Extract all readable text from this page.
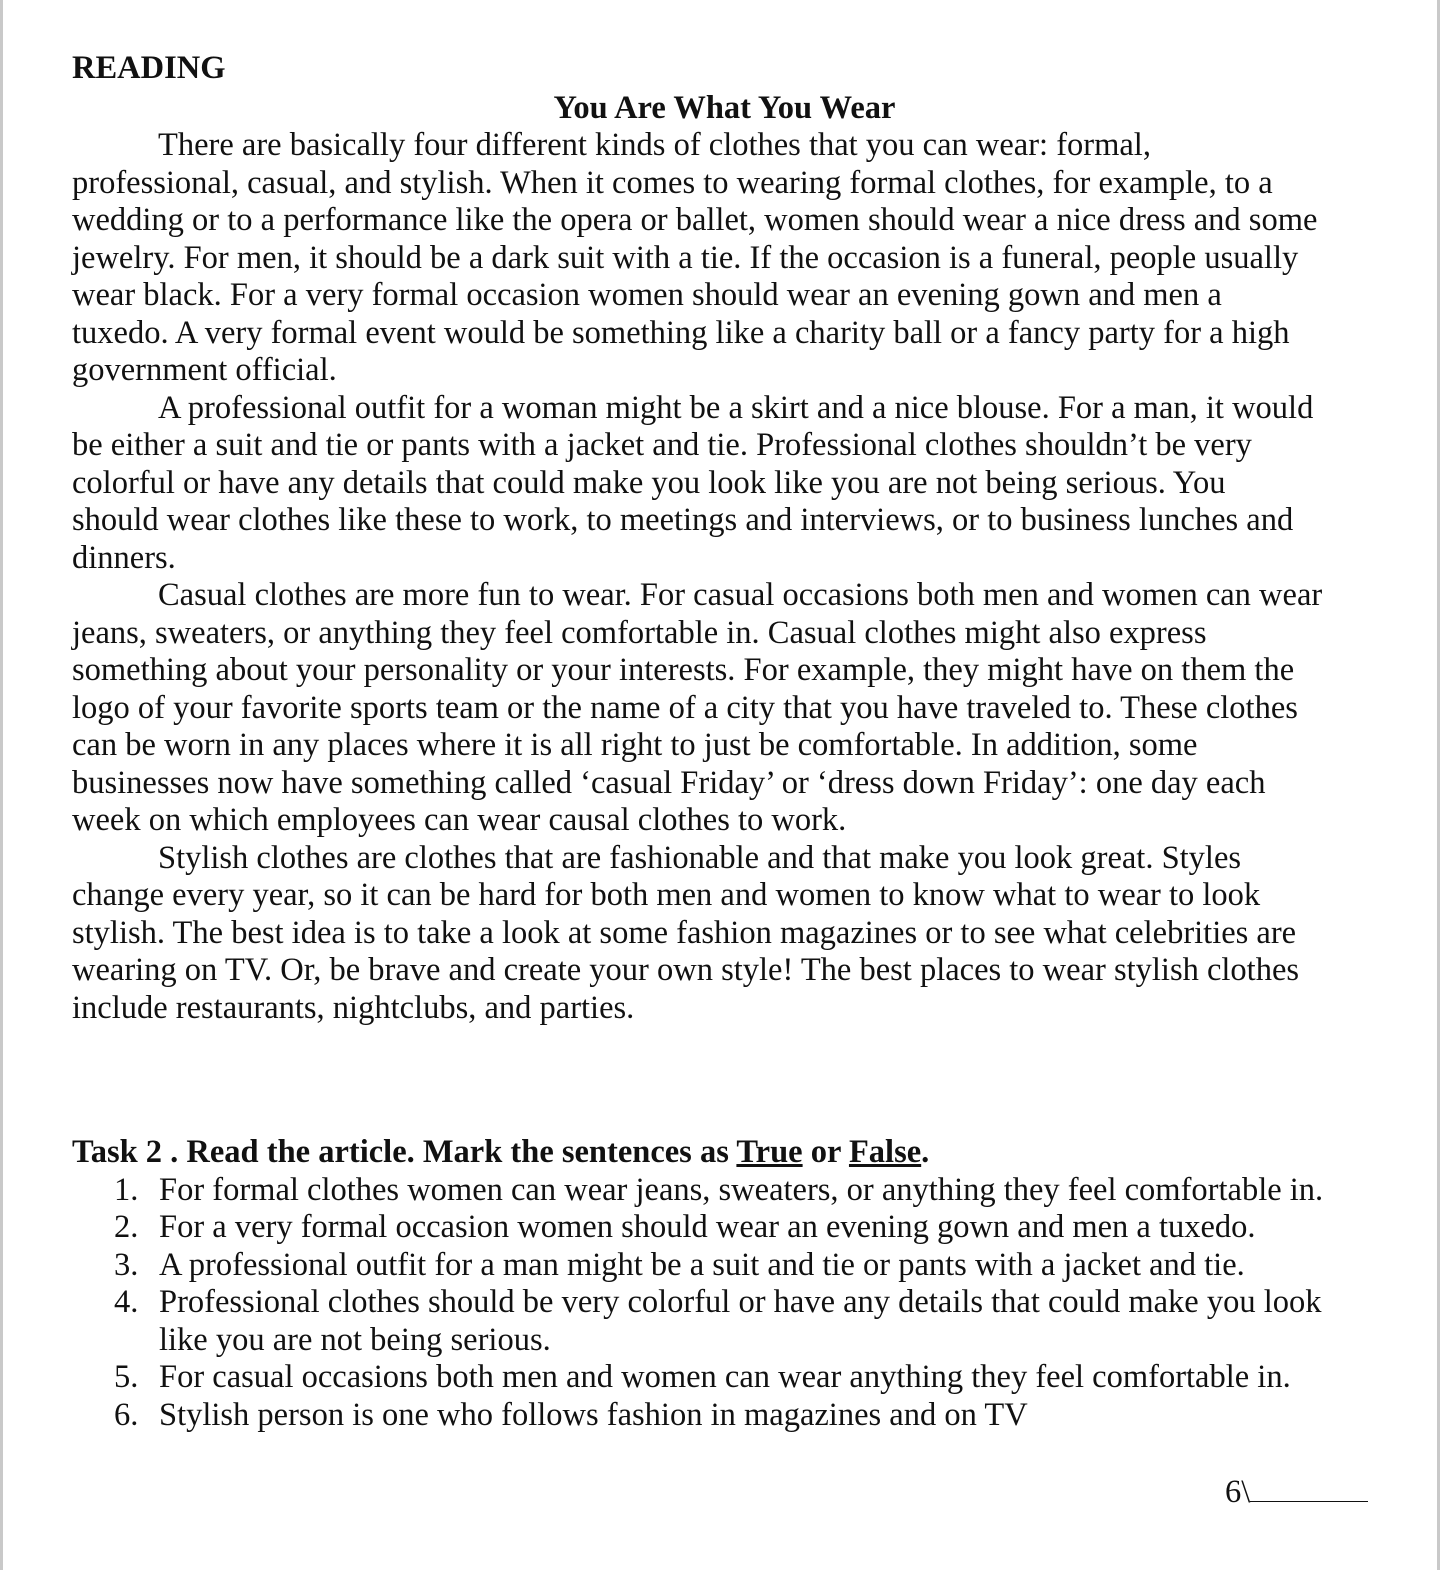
READING

You Are What You Wear

There are basically four different kinds of clothes that you can wear: formal,
professional, casual, and stylish. When it comes to wearing formal clothes, for example, to a
wedding or to a performance like the opera or ballet, women should wear a nice dress and some
jewelry. For men, it should be a dark suit with a tie. If the occasion is a funeral, people usually
wear black. For a very formal occasion women should wear an evening gown and men a
tuxedo. A very formal event would be something like a charity ball or a fancy party for a high
government official.

A professional outfit for a woman might be a skirt and a nice blouse. For a man, it would
be either a suit and tie or pants with a jacket and tie. Professional clothes shouldn’t be very
colorful or have any details that could make you look like you are not being serious. You
should wear clothes like these to work, to meetings and interviews, or to business lunches and
dinners.

Casual clothes are more fun to wear. For casual occasions both men and women can wear
jeans, sweaters, or anything they feel comfortable in. Casual clothes might also express
something about your personality or your interests. For example, they might have on them the
logo of your favorite sports team or the name of a city that you have traveled to. These clothes
can be worn in any places where it is all right to just be comfortable. In addition, some
businesses now have something called ‘casual Friday’ or ‘dress down Friday’: one day each
week on which employees can wear causal clothes to work.

Stylish clothes are clothes that are fashionable and that make you look great. Styles
change every year, so it can be hard for both men and women to know what to wear to look
stylish. The best idea is to take a look at some fashion magazines or to see what celebrities are
wearing on TV. Or, be brave and create your own style! The best places to wear stylish clothes
include restaurants, nightclubs, and parties.

Task 2 . Read the article. Mark the sentences as True or False.

1. For formal clothes women can wear jeans, sweaters, or anything they feel comfortable in.
2. For a very formal occasion women should wear an evening gown and men a tuxedo.
3. A professional outfit for a man might be a suit and tie or pants with a jacket and tie.
4. Professional clothes should be very colorful or have any details that could make you look
like you are not being serious.
5. For casual occasions both men and women can wear anything they feel comfortable in.
6. Stylish person is one who follows fashion in magazines and on TV
6\
